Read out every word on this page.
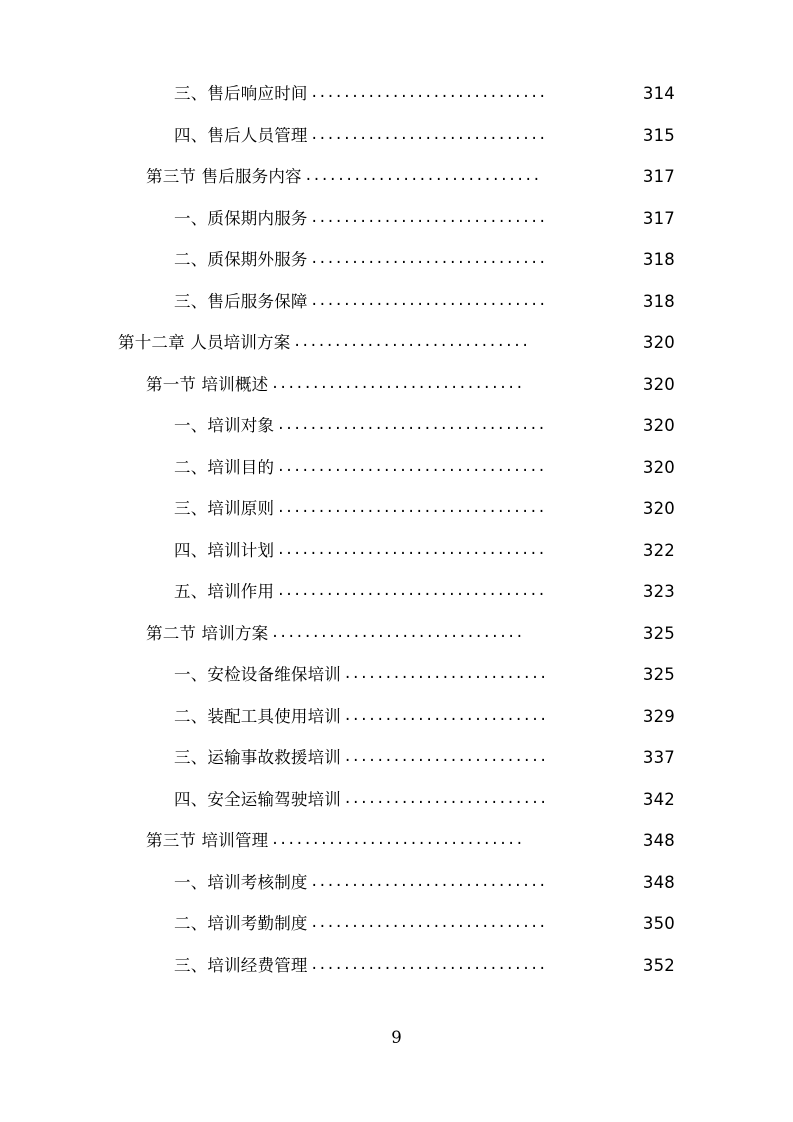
三、售后响应时间 .............................	314
四、售后人员管理 .............................	315
第三节 售后服务内容 .............................	317
一、质保期内服务 .............................	317
二、质保期外服务 .............................	318
三、售后服务保障 .............................	318
第十二章 人员培训方案 .............................	320
第一节 培训概述 ...............................	320
一、培训对象 .................................	320
二、培训目的 .................................	320
三、培训原则 .................................	320
四、培训计划 .................................	322
五、培训作用 .................................	323
第二节 培训方案 ...............................	325
一、安检设备维保培训 .........................	325
二、装配工具使用培训 .........................	329
三、运输事故救援培训 .........................	337
四、安全运输驾驶培训 .........................	342
第三节 培训管理 ...............................	348
一、培训考核制度 .............................	348
二、培训考勤制度 .............................	350
三、培训经费管理 .............................	352
9
